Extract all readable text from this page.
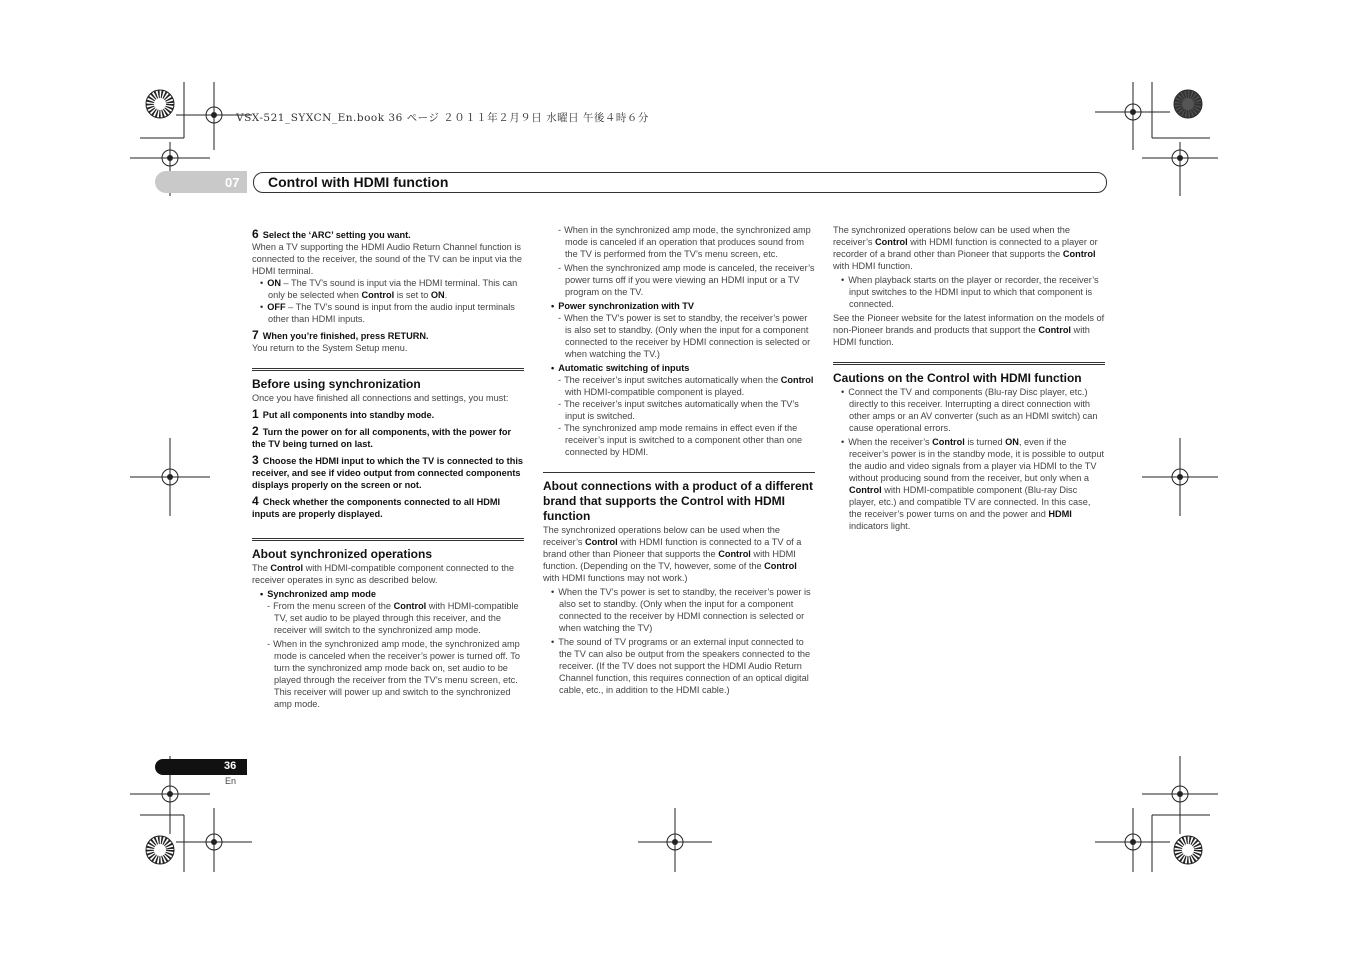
VSX-521_SYXCN_En.book 36 ページ ２０１１年２月９日 水曜日 午後４時６分
07 Control with HDMI function

6 Select the ‘ARC’ setting you want.

When a TV supporting the HDMI Audio Return Channel function is connected to the receiver, the sound of the TV can be input via the HDMI terminal.

• ON – The TV’s sound is input via the HDMI terminal. This can only be selected when Control is set to ON.

• OFF – The TV’s sound is input from the audio input terminals other than HDMI inputs.

7 When you’re finished, press RETURN.

You return to the System Setup menu.

Before using synchronization

Once you have finished all connections and settings, you must:

1 Put all components into standby mode.

2 Turn the power on for all components, with the power for the TV being turned on last.

3 Choose the HDMI input to which the TV is connected to this receiver, and see if video output from connected components displays properly on the screen or not.

4 Check whether the components connected to all HDMI inputs are properly displayed.

About synchronized operations

The Control with HDMI-compatible component connected to the receiver operates in sync as described below.

• Synchronized amp mode

- From the menu screen of the Control with HDMI-compatible TV, set audio to be played through this receiver, and the receiver will switch to the synchronized amp mode.

- When in the synchronized amp mode, the synchronized amp mode is canceled when the receiver’s power is turned off. To turn the synchronized amp mode back on, set audio to be played through the receiver from the TV’s menu screen, etc. This receiver will power up and switch to the synchronized amp mode.

- When in the synchronized amp mode, the synchronized amp mode is canceled if an operation that produces sound from the TV is performed from the TV’s menu screen, etc.

- When the synchronized amp mode is canceled, the receiver’s power turns off if you were viewing an HDMI input or a TV program on the TV.

• Power synchronization with TV

- When the TV’s power is set to standby, the receiver’s power is also set to standby. (Only when the input for a component connected to the receiver by HDMI connection is selected or when watching the TV.)

• Automatic switching of inputs

- The receiver’s input switches automatically when the Control with HDMI-compatible component is played.

- The receiver’s input switches automatically when the TV’s input is switched.

- The synchronized amp mode remains in effect even if the receiver’s input is switched to a component other than one connected by HDMI.

About connections with a product of a different brand that supports the Control with HDMI function

The synchronized operations below can be used when the receiver’s Control with HDMI function is connected to a TV of a brand other than Pioneer that supports the Control with HDMI function. (Depending on the TV, however, some of the Control with HDMI functions may not work.)

• When the TV’s power is set to standby, the receiver’s power is also set to standby. (Only when the input for a component connected to the receiver by HDMI connection is selected or when watching the TV)

• The sound of TV programs or an external input connected to the TV can also be output from the speakers connected to the receiver. (If the TV does not support the HDMI Audio Return Channel function, this requires connection of an optical digital cable, etc., in addition to the HDMI cable.)

The synchronized operations below can be used when the receiver’s Control with HDMI function is connected to a player or recorder of a brand other than Pioneer that supports the Control with HDMI function.

• When playback starts on the player or recorder, the receiver’s input switches to the HDMI input to which that component is connected.

See the Pioneer website for the latest information on the models of non-Pioneer brands and products that support the Control with HDMI function.

Cautions on the Control with HDMI function

• Connect the TV and components (Blu-ray Disc player, etc.) directly to this receiver. Interrupting a direct connection with other amps or an AV converter (such as an HDMI switch) can cause operational errors.

• When the receiver’s Control is turned ON, even if the receiver’s power is in the standby mode, it is possible to output the audio and video signals from a player via HDMI to the TV without producing sound from the receiver, but only when a Control with HDMI-compatible component (Blu-ray Disc player, etc.) and compatible TV are connected. In this case, the receiver’s power turns on and the power and HDMI indicators light.

36
En
